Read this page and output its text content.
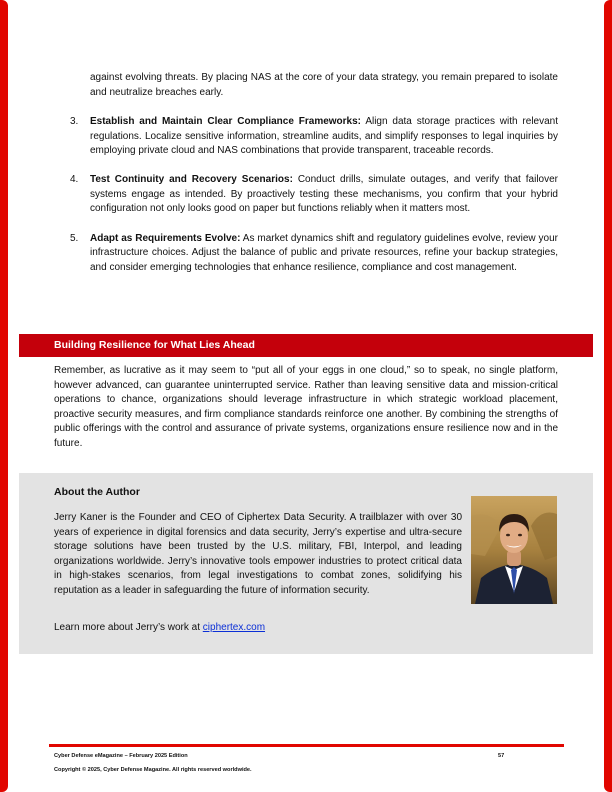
against evolving threats. By placing NAS at the core of your data strategy, you remain prepared to isolate and neutralize breaches early.

3. Establish and Maintain Clear Compliance Frameworks: Align data storage practices with relevant regulations. Localize sensitive information, streamline audits, and simplify responses to legal inquiries by employing private cloud and NAS combinations that provide transparent, traceable records.
4. Test Continuity and Recovery Scenarios: Conduct drills, simulate outages, and verify that failover systems engage as intended. By proactively testing these mechanisms, you confirm that your hybrid configuration not only looks good on paper but functions reliably when it matters most.
5. Adapt as Requirements Evolve: As market dynamics shift and regulatory guidelines evolve, review your infrastructure choices. Adjust the balance of public and private resources, refine your backup strategies, and consider emerging technologies that enhance resilience, compliance and cost management.
Building Resilience for What Lies Ahead

Remember, as lucrative as it may seem to “put all of your eggs in one cloud,” so to speak, no single platform, however advanced, can guarantee uninterrupted service. Rather than leaving sensitive data and mission-critical operations to chance, organizations should leverage infrastructure in which strategic workload placement, proactive security measures, and firm compliance standards reinforce one another. By combining the strengths of public offerings with the control and assurance of private systems, organizations ensure resilience now and in the future.

About the Author

Jerry Kaner is the Founder and CEO of Ciphertex Data Security. A trailblazer with over 30 years of experience in digital forensics and data security, Jerry’s expertise and ultra-secure storage solutions have been trusted by the U.S. military, FBI, Interpol, and leading organizations worldwide. Jerry’s innovative tools empower industries to protect critical data in high-stakes scenarios, from legal investigations to combat zones, solidifying his reputation as a leader in safeguarding the future of information security.

Learn more about Jerry’s work at ciphertex.com

Cyber Defense eMagazine – February 2025 Edition	57
Copyright © 2025, Cyber Defense Magazine. All rights reserved worldwide.
